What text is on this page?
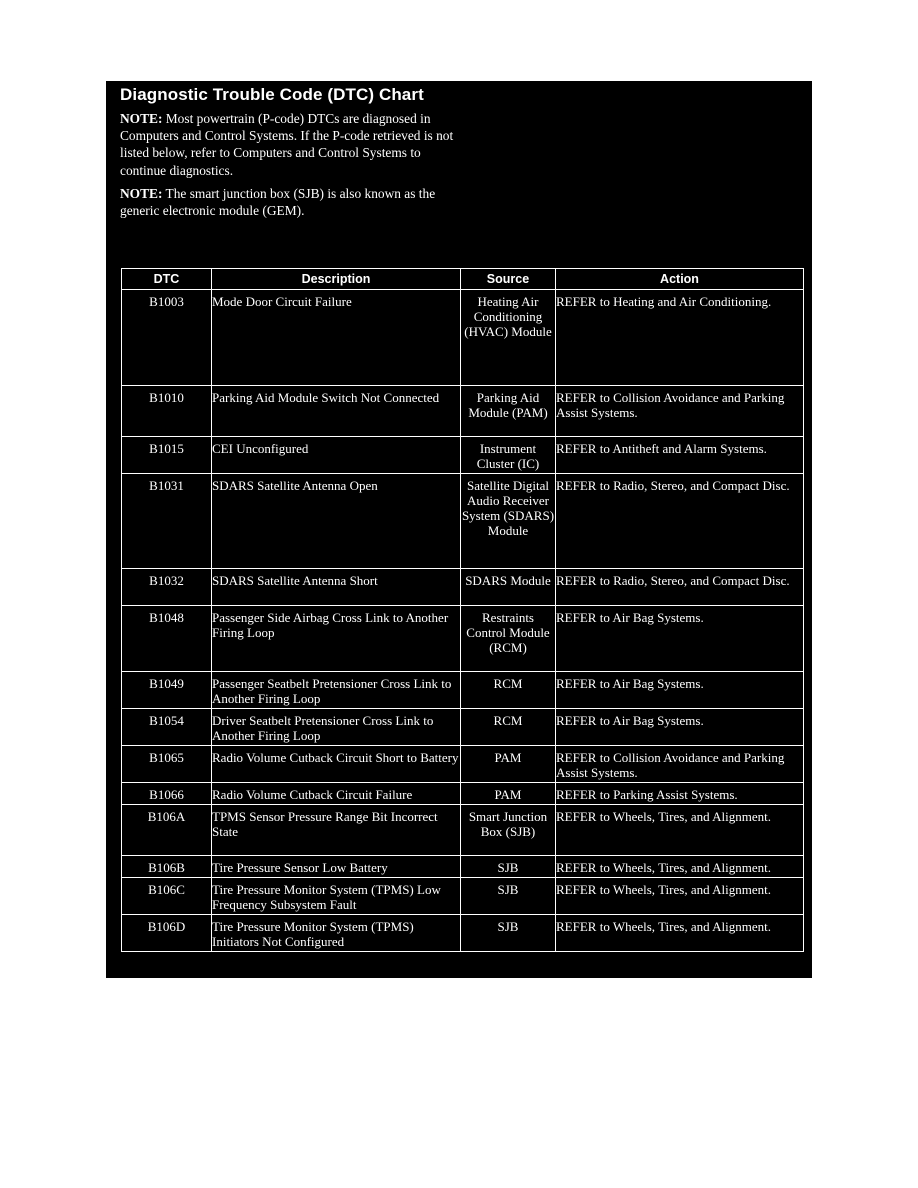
Diagnostic Trouble Code (DTC) Chart

NOTE: Most powertrain (P-code) DTCs are diagnosed in Computers and Control Systems. If the P-code retrieved is not listed below, refer to Computers and Control Systems to continue diagnostics.

NOTE: The smart junction box (SJB) is also known as the generic electronic module (GEM).

DTC	Description	Source	Action
B1003	Mode Door Circuit Failure	Heating Air Conditioning (HVAC) Module	REFER to Heating and Air Conditioning.
B1010	Parking Aid Module Switch Not Connected	Parking Aid Module (PAM)	REFER to Collision Avoidance and Parking Assist Systems.
B1015	CEI Unconfigured	Instrument Cluster (IC)	REFER to Antitheft and Alarm Systems.
B1031	SDARS Satellite Antenna Open	Satellite Digital Audio Receiver System (SDARS) Module	REFER to Radio, Stereo, and Compact Disc.
B1032	SDARS Satellite Antenna Short	SDARS Module	REFER to Radio, Stereo, and Compact Disc.
B1048	Passenger Side Airbag Cross Link to Another Firing Loop	Restraints Control Module (RCM)	REFER to Air Bag Systems.
B1049	Passenger Seatbelt Pretensioner Cross Link to Another Firing Loop	RCM	REFER to Air Bag Systems.
B1054	Driver Seatbelt Pretensioner Cross Link to Another Firing Loop	RCM	REFER to Air Bag Systems.
B1065	Radio Volume Cutback Circuit Short to Battery	PAM	REFER to Collision Avoidance and Parking Assist Systems.
B1066	Radio Volume Cutback Circuit Failure	PAM	REFER to Parking Assist Systems.
B106A	TPMS Sensor Pressure Range Bit Incorrect State	Smart Junction Box (SJB)	REFER to Wheels, Tires, and Alignment.
B106B	Tire Pressure Sensor Low Battery	SJB	REFER to Wheels, Tires, and Alignment.
B106C	Tire Pressure Monitor System (TPMS) Low Frequency Subsystem Fault	SJB	REFER to Wheels, Tires, and Alignment.
B106D	Tire Pressure Monitor System (TPMS) Initiators Not Configured	SJB	REFER to Wheels, Tires, and Alignment.
